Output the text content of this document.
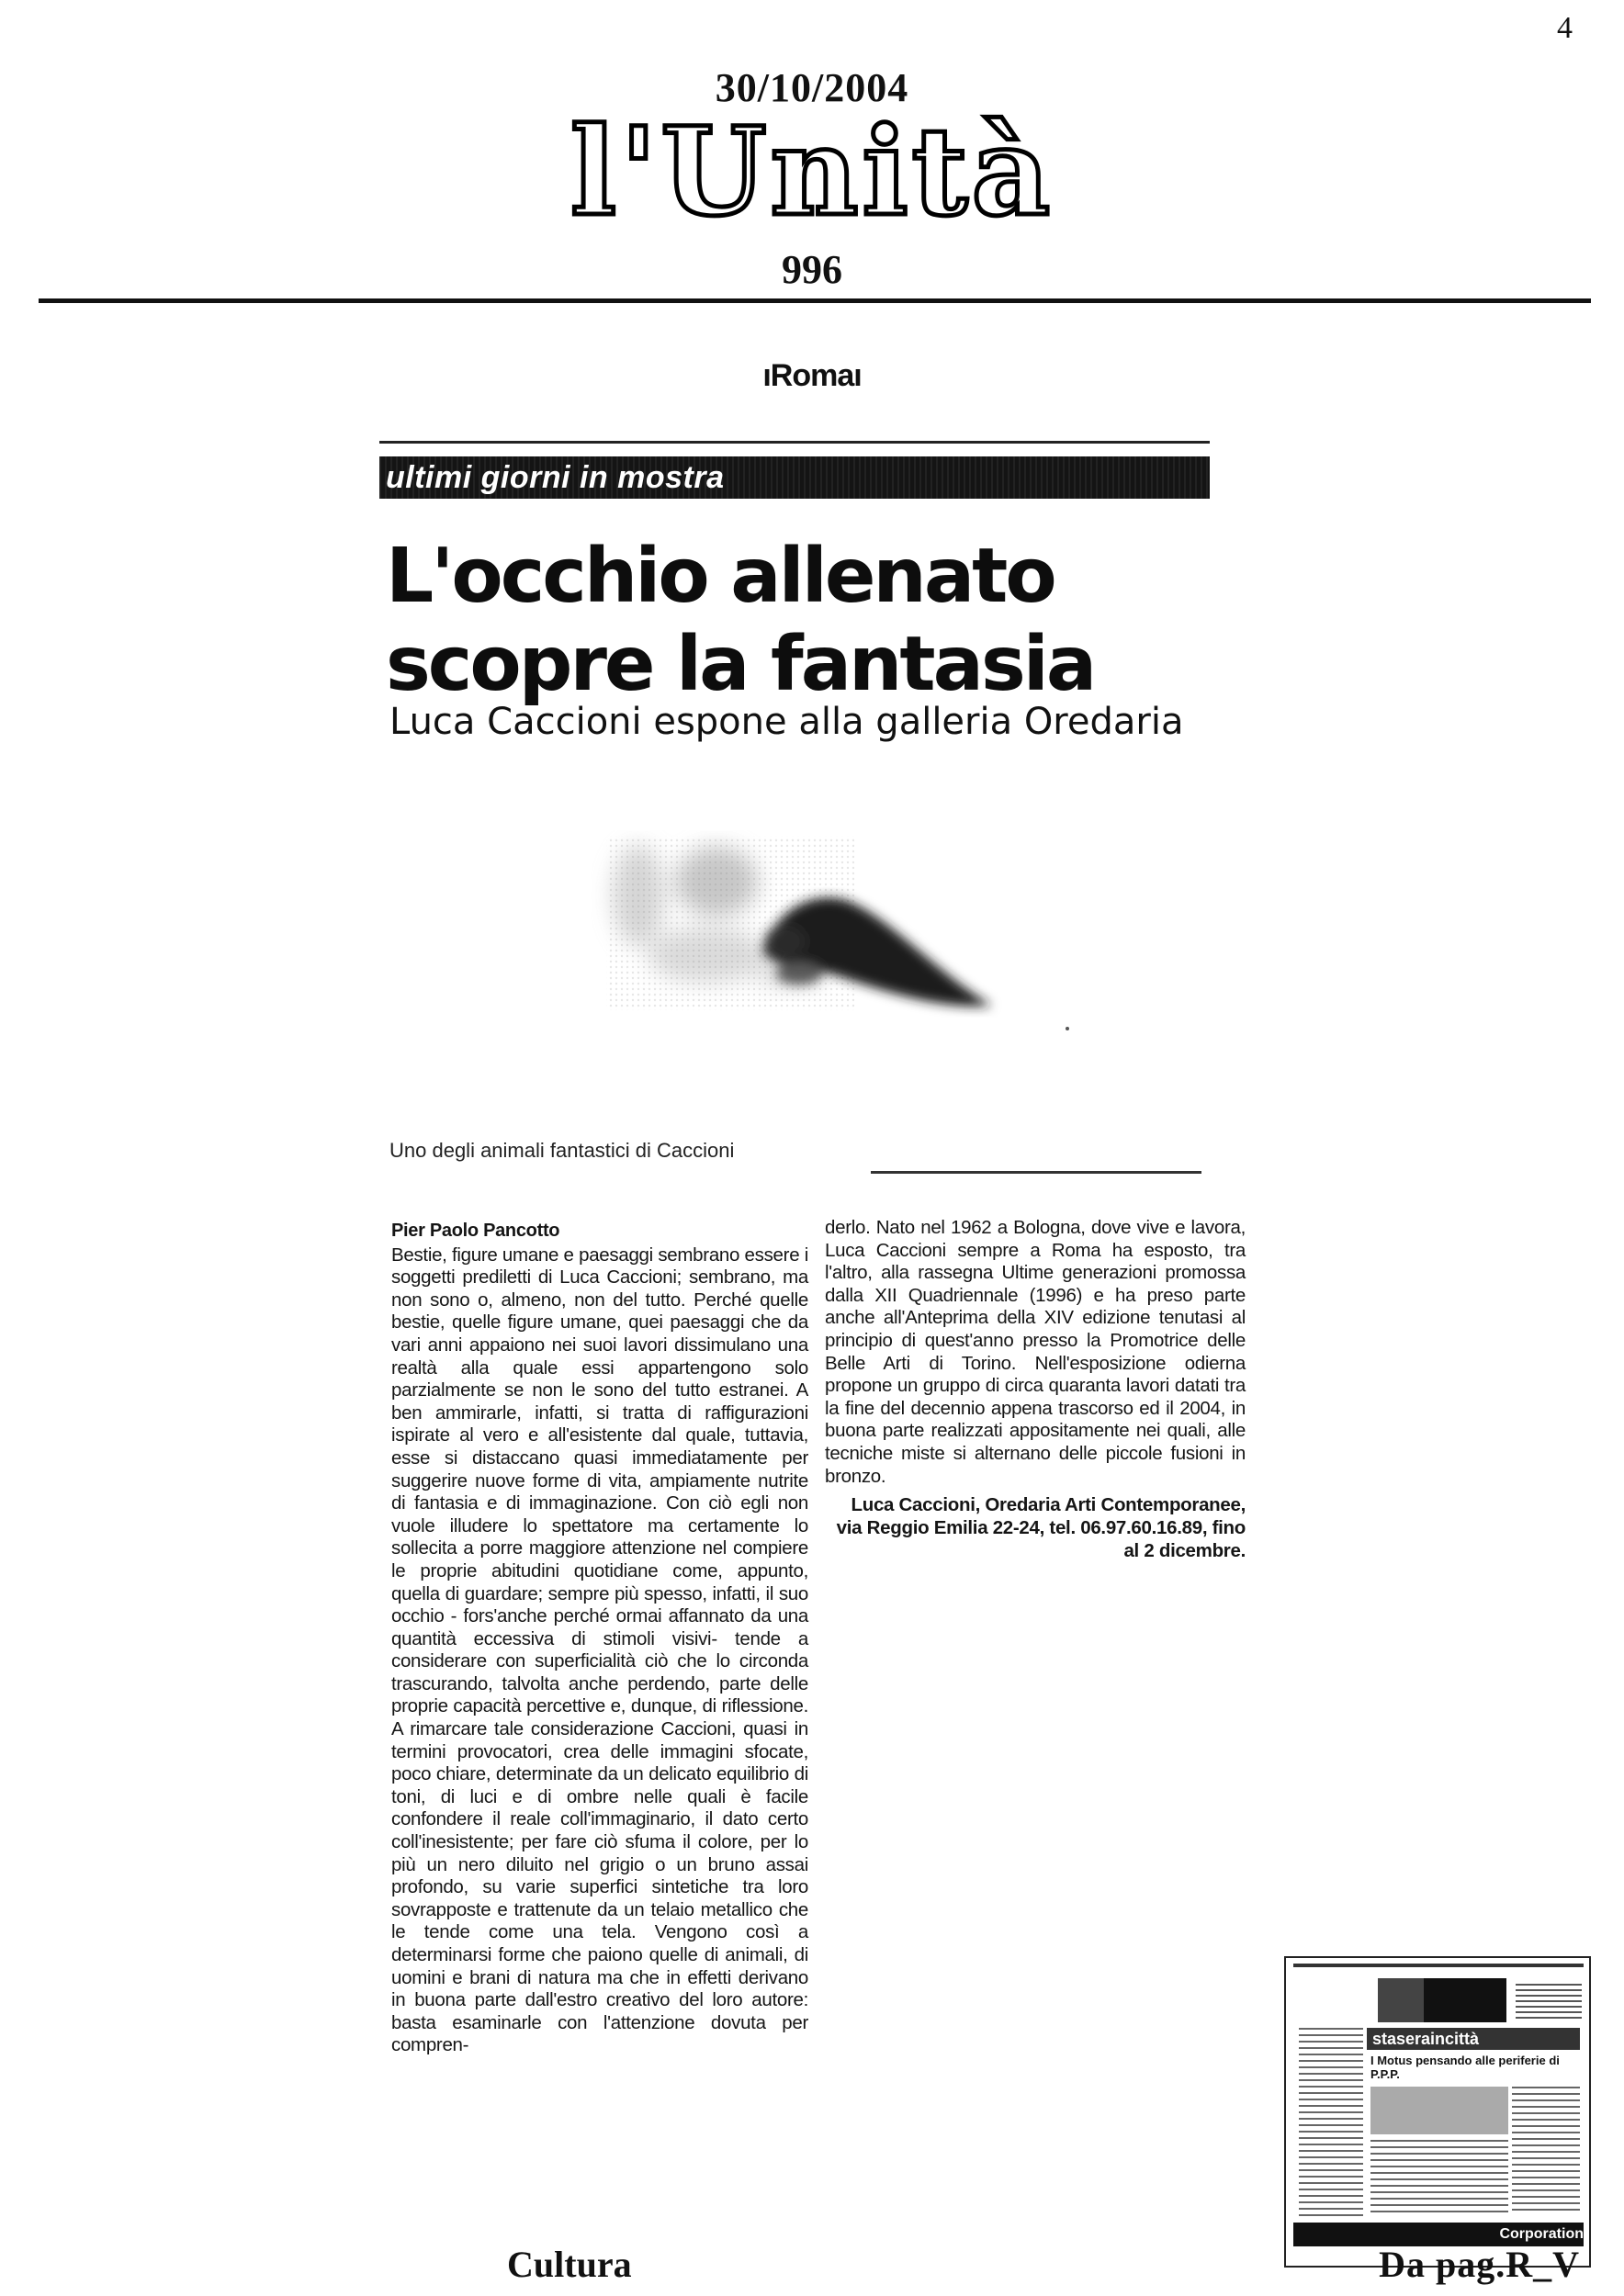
4
30/10/2004
l'Unità
996
ıRomaı
ultimi giorni in mostra
L'occhio allenato scopre la fantasia
Luca Caccioni espone alla galleria Oredaria
Uno degli animali fantastici di Caccioni
Pier Paolo Pancotto
Bestie, figure umane e paesaggi sembrano essere i soggetti prediletti di Luca Caccioni; sembrano, ma non sono o, almeno, non del tutto. Perché quelle bestie, quelle figure umane, quei paesaggi che da vari anni appaiono nei suoi lavori dissimulano una realtà alla quale essi appartengono solo parzialmente se non le sono del tutto estranei. A ben ammirarle, infatti, si tratta di raffigurazioni ispirate al vero e all'esistente dal quale, tuttavia, esse si distaccano quasi immediatamente per suggerire nuove forme di vita, ampiamente nutrite di fantasia e di immaginazione. Con ciò egli non vuole illudere lo spettatore ma certamente lo sollecita a porre maggiore attenzione nel compiere le proprie abitudini quotidiane come, appunto, quella di guardare; sempre più spesso, infatti, il suo occhio - fors'anche perché ormai affannato da una quantità eccessiva di stimoli visivi- tende a considerare con superficialità ciò che lo circonda trascurando, talvolta anche perdendo, parte delle proprie capacità percettive e, dunque, di riflessione. A rimarcare tale considerazione Caccioni, quasi in termini provocatori, crea delle immagini sfocate, poco chiare, determinate da un delicato equilibrio di toni, di luci e di ombre nelle quali è facile confondere il reale coll'immaginario, il dato certo coll'inesistente; per fare ciò sfuma il colore, per lo più un nero diluito nel grigio o un bruno assai profondo, su varie superfici sintetiche tra loro sovrapposte e trattenute da un telaio metallico che le tende come una tela. Vengono così a determinarsi forme che paiono quelle di animali, di uomini e brani di natura ma che in effetti derivano in buona parte dall'estro creativo del loro autore: basta esaminarle con l'attenzione dovuta per compren-
derlo. Nato nel 1962 a Bologna, dove vive e lavora, Luca Caccioni sempre a Roma ha esposto, tra l'altro, alla rassegna Ultime generazioni promossa dalla XII Quadriennale (1996) e ha preso parte anche all'Anteprima della XIV edizione tenutasi al principio di quest'anno presso la Promotrice delle Belle Arti di Torino. Nell'esposizione odierna propone un gruppo di circa quaranta lavori datati tra la fine del decennio appena trascorso ed il 2004, in buona parte realizzati appositamente nei quali, alle tecniche miste si alternano delle piccole fusioni in bronzo.
Luca Caccioni, Oredaria Arti Contemporanee, via Reggio Emilia 22-24, tel. 06.97.60.16.89, fino al 2 dicembre.
staseraincittà
I Motus pensando alle periferie di P.P.P.
Corporation
Cultura	Da pag.R_V
